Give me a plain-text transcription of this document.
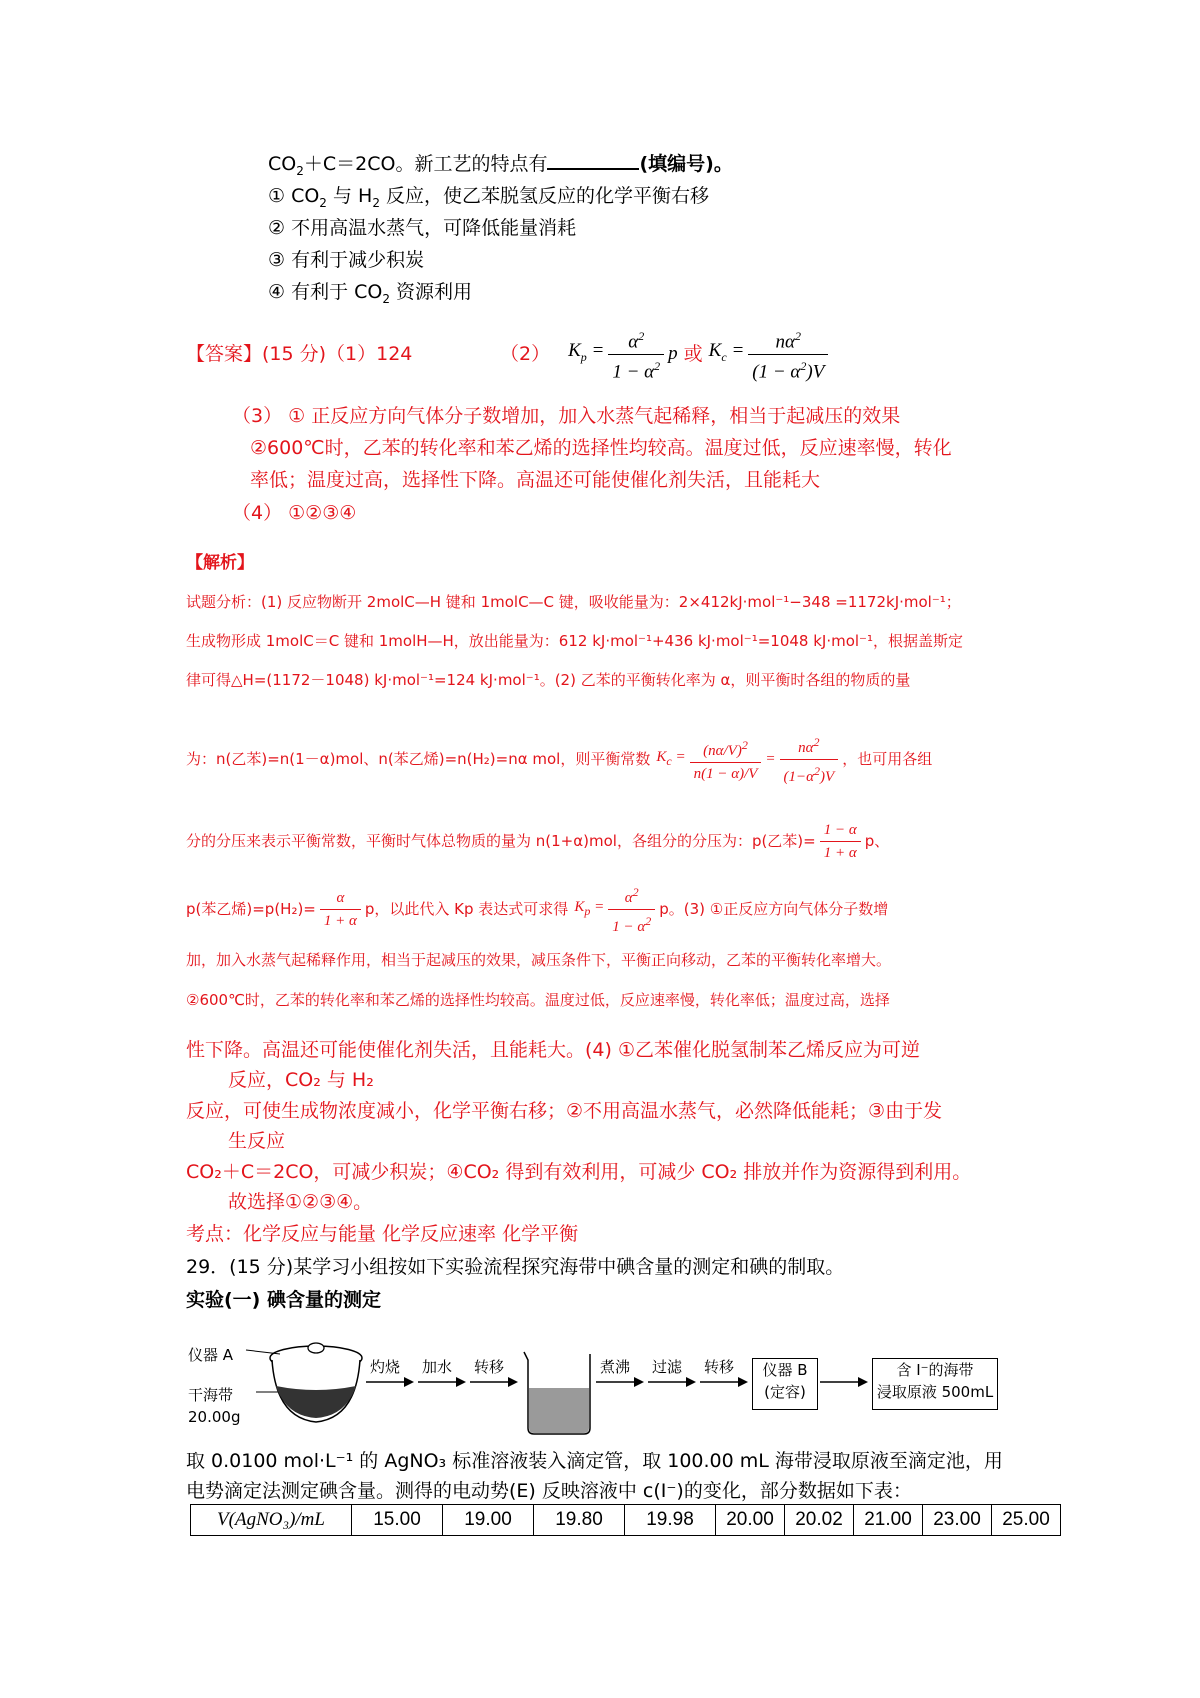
$CO_2+C=2CO$。新工艺的特点有	(填编号)。
① $CO_2$ 与 $H_2$ 反应，使乙苯脱氢反应的化学平衡右移
② 不用高温水蒸气，可降低能量消耗
③ 有利于减少积炭
④ 有利于 $CO_2$ 资源利用
【答案】(15 分)（1）124	（2） $K_p = \frac{\alpha^2}{1 - \alpha^2}$ p 或 $K_c = \frac{n\alpha^2}{(1 - \alpha^2)V}$
（3） ① 正反应方向气体分子数增加，加入水蒸气起稀释，相当于起减压的效果
②600℃时，乙苯的转化率和苯乙烯的选择性均较高。温度过低，反应速率慢，转化
率低；温度过高，选择性下降。高温还可能使催化剂失活，且能耗大
（4） ①②③④
【解析】
试题分析：(1) 反应物断开 2molC—H 键和 1molC—C 键，吸收能量为：2×412kJ·mol⁻¹−348 =1172kJ·mol⁻¹；
生成物形成 1molC＝C 键和 1molH—H，放出能量为：612 kJ·mol⁻¹+436 kJ·mol⁻¹=1048 kJ·mol⁻¹，根据盖斯定
律可得△H=(1172－1048) kJ·mol⁻¹=124 kJ·mol⁻¹。(2) 乙苯的平衡转化率为 α，则平衡时各组的物质的量
为：n(乙苯)=n(1－α)mol、n(苯乙烯)=n(H₂)=nα mol，则平衡常数 $K_c = \frac{(n\alpha/V)^2}{n(1 - \alpha)/V} = \frac{n\alpha^2}{(1-\alpha^2)V}$ ，也可用各组
分的分压来表示平衡常数，平衡时气体总物质的量为 n(1+α)mol，各组分的分压为：p(乙苯)= $\frac{1 - \alpha}{1 + \alpha}$ p、
p(苯乙烯)$=p(H_2)= \frac{\alpha}{1 + \alpha}$ p，以此代入 Kp 表达式可求得 $K_p = \frac{\alpha^2}{1 - \alpha^2}$ p。(3) ①正反应方向气体分子数增
加，加入水蒸气起稀释作用，相当于起减压的效果，减压条件下，平衡正向移动，乙苯的平衡转化率增大。
②600℃时，乙苯的转化率和苯乙烯的选择性均较高。温度过低，反应速率慢，转化率低；温度过高，选择
性下降。高温还可能使催化剂失活，且能耗大。(4) ①乙苯催化脱氢制苯乙烯反应为可逆
反应，CO₂ 与 H₂
反应，可使生成物浓度减小，化学平衡右移；②不用高温水蒸气，必然降低能耗；③由于发
生反应
CO₂＋C＝2CO，可减少积炭；④CO₂ 得到有效利用，可减少 CO₂ 排放并作为资源得到利用。
故选择①②③④。
考点：化学反应与能量 化学反应速率 化学平衡
29．(15 分)某学习小组按如下实验流程探究海带中碘含量的测定和碘的制取。
实验(一) 碘含量的测定
仪器 A
干海带
20.00g
灼烧 加水 转移	煮沸 过滤 转移	仪器 B
(定容)
含 I⁻的海带
浸取原液 500mL
取 0.0100 mol·L⁻¹ 的 AgNO₃ 标准溶液装入滴定管，取 100.00 mL 海带浸取原液至滴定池，用
电势滴定法测定碘含量。测得的电动势(E) 反映溶液中 c(I⁻)的变化，部分数据如下表：
V(AgNO₃)/mL	15.00	19.00	19.80	19.98	20.00	20.02	21.00	23.00	25.00
